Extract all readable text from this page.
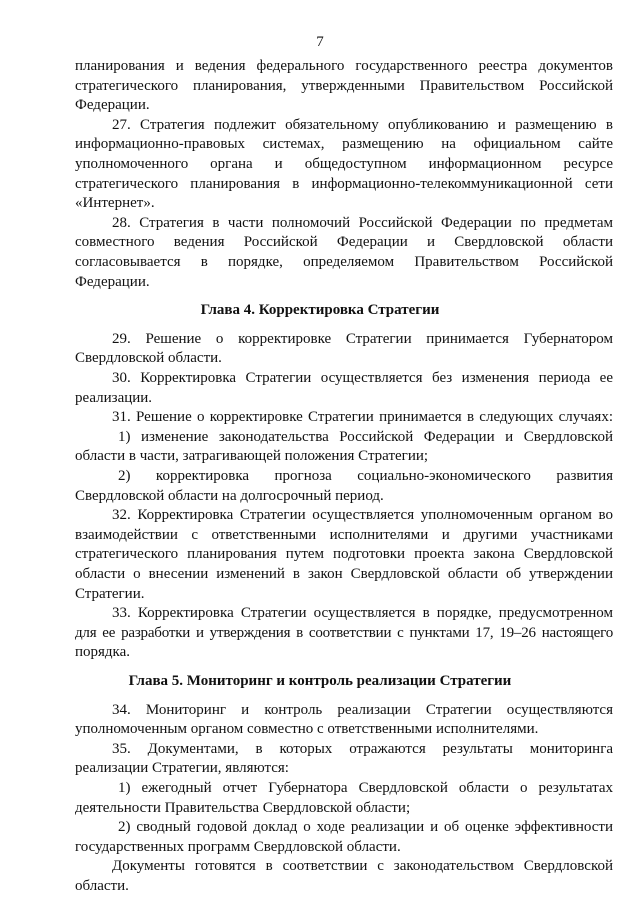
7
планирования и ведения федерального государственного реестра документов
стратегического планирования, утвержденными Правительством Российской
Федерации.
27. Стратегия подлежит обязательному опубликованию и размещению в
информационно-правовых системах, размещению на официальном сайте
уполномоченного органа и общедоступном информационном ресурсе
стратегического планирования в информационно-телекоммуникационной сети
«Интернет».
28. Стратегия в части полномочий Российской Федерации по предметам
совместного ведения Российской Федерации и Свердловской области
согласовывается в порядке, определяемом Правительством Российской
Федерации.
Глава 4. Корректировка Стратегии
29. Решение о корректировке Стратегии принимается Губернатором
Свердловской области.
30. Корректировка Стратегии осуществляется без изменения периода ее
реализации.
31. Решение о корректировке Стратегии принимается в следующих случаях:
1) изменение законодательства Российской Федерации и Свердловской
области в части, затрагивающей положения Стратегии;
2) корректировка прогноза социально-экономического развития
Свердловской области на долгосрочный период.
32. Корректировка Стратегии осуществляется уполномоченным органом во
взаимодействии с ответственными исполнителями и другими участниками
стратегического планирования путем подготовки проекта закона Свердловской
области о внесении изменений в закон Свердловской области об утверждении
Стратегии.
33. Корректировка Стратегии осуществляется в порядке, предусмотренном
для ее разработки и утверждения в соответствии с пунктами 17, 19–26 настоящего
порядка.
Глава 5. Мониторинг и контроль реализации Стратегии
34. Мониторинг и контроль реализации Стратегии осуществляются
уполномоченным органом совместно с ответственными исполнителями.
35. Документами, в которых отражаются результаты мониторинга
реализации Стратегии, являются:
1) ежегодный отчет Губернатора Свердловской области о результатах
деятельности Правительства Свердловской области;
2) сводный годовой доклад о ходе реализации и об оценке эффективности
государственных программ Свердловской области.
Документы готовятся в соответствии с законодательством Свердловской
области.
